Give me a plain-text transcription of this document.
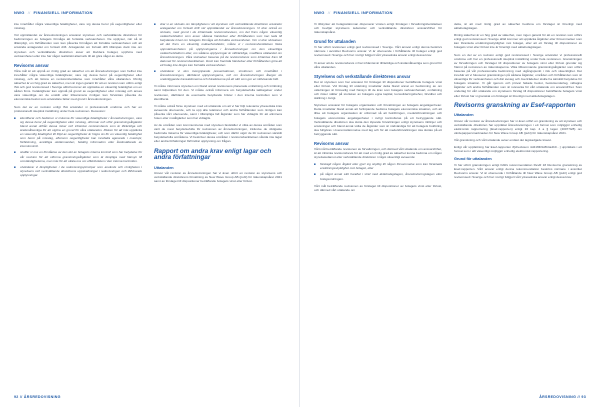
NWG // FINANSIELL INFORMATION

inte innehåller några väsentliga felaktigheter, vare sig dessa beror på oegentligheter eller misstag.

Vid upprättandet av årsredovisningen ansvarar styrelsen och verkställande direktören för bedömningen av bolagets förmåga att fortsätta verksamheten. De upplyser, när så är tillämpligt, om förhållanden som kan påverka förmågan att fortsätta verksamheten och att använda antagandet om fortsatt drift. Antagandet om fortsatt drift tillämpas dock inte om styrelsen och verkställande direktören avser att likvidera bolaget, upphöra med verksamheten eller inte har något realistiskt alternativ till att göra något av detta.

Revisorns ansvar

Våra mål är att uppnå en rimlig grad av säkerhet om att årsredovisningen som helhet inte innehåller några väsentliga felaktigheter, vare sig dessa beror på oegentligheter eller misstag, och att lämna en revisionsberättelse som innehåller våra uttalanden. Rimlig säkerhet är en hög grad av säkerhet, men är ingen garanti för att en revision som utförs enligt ISA och god revisionssed i Sverige alltid kommer att upptäcka en väsentlig felaktighet om en sådan finns. Felaktigheter kan uppstå på grund av oegentligheter eller misstag och anses vara väsentliga om de enskilt eller tillsammans rimligen kan förväntas påverka de ekonomiska beslut som användare fattar med grund i årsredovisningen.

Som del av en revision enligt ISA använder vi professionellt omdöme och har en professionellt skeptisk inställning under hela revisionen. Dessutom:

■ identifierar och bedömer vi riskerna för väsentliga felaktigheter i årsredovisningen, vare sig dessa beror på oegentligheter eller misstag, utformar och utför granskningsåtgärder bland annat utifrån dessa risker och inhämtar revisionsbevis som är tillräckliga och ändamålsenliga för att utgöra en grund för våra uttalanden. Risken för att inte upptäcka en väsentlig felaktighet till följd av oegentligheter är högre än för en väsentlig felaktighet som beror på misstag, eftersom oegentligheter kan innefatta agerande i maskopi, förfalskning, avsiktliga utelämnanden, felaktig information eller åsidosättande av internkontroll.
■ skaffar vi oss en förståelse av den del av bolagets interna kontroll som har betydelse för vår revision för att utforma granskningsåtgärder som är lämpliga med hänsyn till omständigheterna, men inte för att uttala oss om effektiviteten i den interna kontrollen.
■ utvärderar vi lämpligheten i de redovisningsprinciper som används och rimligheten i styrelsens och verkställande direktörens uppskattningar i redovisningen och tillhörande upplysningar.
■ drar vi en slutsats om lämpligheten i att styrelsen och verkställande direktören använder antagandet om fortsatt drift vid upprättandet av årsredovisningen. Vi drar också en slutsats, med grund i de inhämtade revisionsbevisen, om det finns någon väsentlig osäkerhetsfaktor som avser sådana händelser eller förhållanden som kan leda till betydande tvivel om bolagets förmåga att fortsätta verksamheten. Om vi drar slutsatsen att det finns en väsentlig osäkerhetsfaktor, måste vi i revisionsberättelsen fästa uppmärksamheten på upplysningarna i årsredovisningen om den väsentliga osäkerhetsfaktorn eller, om sådana upplysningar är otillräckliga, modifiera uttalandet om årsredovisningen. Våra slutsatser baseras på de revisionsbevis som inhämtas fram till datumet för revisionsberättelsen. Dock kan framtida händelser eller förhållanden göra att ett bolag inte längre kan fortsätta verksamheten.
■ utvärderar vi den övergripande presentationen, strukturen och innehållet i årsredovisningen, däribland upplysningarna, och om årsredovisningen återger de underliggande transaktionerna och händelserna på ett sätt som ger en rättvisande bild.

Vi måste informera styrelsen om bland annat revisionens planerade omfattning och inriktning samt tidpunkten för den. Vi måste också informera om betydelsefulla iakttagelser under revisionen, däribland de eventuella betydande brister i den interna kontrollen som vi identifierat.

Vi måste också förse styrelsen med ett uttalande om att vi har följt relevanta yrkesetiska krav avseende oberoende, och ta upp alla relationer och andra förhållanden som rimligen kan påverka vårt oberoende, samt i tillämpliga fall åtgärder som har vidtagits för att eliminera hoten eller motåtgärder som har vidtagits.

Av de områden som kommuniceras med styrelsen fastställer vi vilka av dessa områden som varit de mest betydelsefulla för revisionen av årsredovisningen, inklusive de viktigaste bedömda riskerna för väsentliga felaktigheter, och som därför utgör de för revisionen särskilt betydelsefulla områdena. Vi beskriver dessa områden i revisionsberättelsen såvida inte lagar eller andra författningar förhindrar upplysning om frågan.

Rapport om andra krav enligt lagar och andra författningar
Uttalanden

Utöver vår revision av årsredovisningen har vi även utfört en revision av styrelsens och verkställande direktörens förvaltning av New Wave Group AB (publ) för räkenskapsåret 2021 samt av förslaget till dispositioner beträffande bolagets vinst eller förlust.

92 // ÅRSREDOVISNING
NWG // FINANSIELL INFORMATION

Vi tillstyrker att bolagsstämman disponerar vinsten enligt förslaget i förvaltningsberättelsen och beviljar styrelsens ledamöter och verkställande direktören ansvarsfrihet för räkenskapsåret.

Grund för uttalanden

Vi har utfört revisionen enligt god revisionssed i Sverige. Vårt ansvar enligt denna beskrivs närmare i avsnittet Revisorns ansvar. Vi är oberoende i förhållande till bolaget enligt god revisorssed i Sverige och har i övrigt fullgjort vårt yrkesetiska ansvar enligt dessa krav.

Vi anser att de revisionsbevis vi har inhämtat är tillräckliga och ändamålsenliga som grund för våra uttalanden.

Styrelsens och verkställande direktörens ansvar

Det är styrelsen som har ansvaret för förslaget till dispositioner beträffande bolagets vinst eller förlust. Vid förslag till utdelning innefattar detta bland annat en bedömning av om utdelningen är försvarlig med hänsyn till de krav som bolagets verksamhetsart, omfattning och risker ställer på storleken av bolagets egna kapital, konsolideringsbehov, likviditet och ställning i övrigt.

Styrelsen ansvarar för bolagets organisation och förvaltningen av bolagets angelägenheter. Detta innefattar bland annat att fortlöpande bedöma bolagets ekonomiska situation, och att tillse att bolagets organisation är utformad så att bokföringen, medelsförvaltningen och bolagets ekonomiska angelägenheter i övrigt kontrolleras på ett betryggande sätt. Verkställande direktören ska sköta den löpande förvaltningen enligt styrelsens riktlinjer och anvisningar och bland annat vidta de åtgärder som är nödvändiga för att bolagets bokföring ska fullgöras i överensstämmelse med lag och för att medelsförvaltningen ska skötas på ett betryggande sätt.

Revisorns ansvar

Vårt mål beträffande revisionen av förvaltningen, och därmed vårt uttalande om ansvarsfrihet, är att inhämta revisionsbevis för att med en rimlig grad av säkerhet kunna bedöma om någon styrelseledamot eller verkställande direktören i något väsentligt avseende:

■ företagit någon åtgärd eller gjort sig skyldig till någon försummelse som kan föranleda ersättningsskyldighet mot bolaget, eller
■ på något annat sätt handlat i strid med aktiebolagslagen, årsredovisningslagen eller bolagsordningen.

Vårt mål beträffande revisionen av förslaget till dispositioner av bolagets vinst eller förlust, och därmed vårt uttalande om

detta, är att med rimlig grad av säkerhet bedöma om förslaget är förenligt med aktiebolagslagen.

Rimlig säkerhet är en hög grad av säkerhet, men ingen garanti för att en revision som utförs enligt god revisionssed i Sverige alltid kommer att upptäcka åtgärder eller försummelser som kan föranleda ersättningsskyldighet mot bolaget, eller att ett förslag till dispositioner av bolagets vinst eller förlust inte är förenligt med aktiebolagslagen.

Som en del av en revision enligt god revisionssed i Sverige använder vi professionellt omdöme och har en professionellt skeptisk inställning under hela revisionen. Granskningen av förvaltningen och förslaget till dispositioner av bolagets vinst eller förlust grundar sig främst på revisionen av räkenskaperna. Vilka tillkommande granskningsåtgärder som utförs baseras på vår professionella bedömning med utgångspunkt i risk och väsentlighet. Det innebär att vi fokuserar granskningen på sådana åtgärder, områden och förhållanden som är väsentliga för verksamheten och där avsteg och överträdelser skulle ha särskild betydelse för bolagets situation. Vi går igenom och prövar fattade beslut, beslutsunderlag, vidtagna åtgärder och andra förhållanden som är relevanta för vårt uttalande om ansvarsfrihet. Som underlag för vårt uttalande om styrelsens förslag till dispositioner beträffande bolagets vinst eller förlust har vi granskat om förslaget är förenligt med aktiebolagslagen.

Revisorns granskning av Esef-rapporten
Uttalanden

Utöver vår revision av årsredovisningen har vi även utfört en granskning av att styrelsen och verkställande direktören har upprättat årsredovisningen i ett format som möjliggör enhetlig elektronisk rapportering (Esef-rapporten) enligt 16 kap. 4 a § lagen (2007:528) om värdepappersmarknaden för New Wave Group AB (publ) för räkenskapsåret 2021.

Vår granskning och vårt uttalande avser endast det lagstadgade kravet.

Enligt vår uppfattning har Esef-rapporten #[checksum 4d41f0b9c8b4a4b0…] upprättats i ett format som i allt väsentligt möjliggör enhetlig elektronisk rapportering.

Grund för uttalanden

Vi har utfört granskningen enligt FARs rekommendation RevR 18 Revisorns granskning av Esef-rapporten. Vårt ansvar enligt denna rekommendation beskrivs närmare i avsnittet Revisorns ansvar. Vi är oberoende i förhållande till New Wave Group AB (publ) enligt god revisorssed i Sverige och har i övrigt fullgjort vårt yrkesetiska ansvar enligt dessa krav.

ÅRSREDOVISNING // 93
